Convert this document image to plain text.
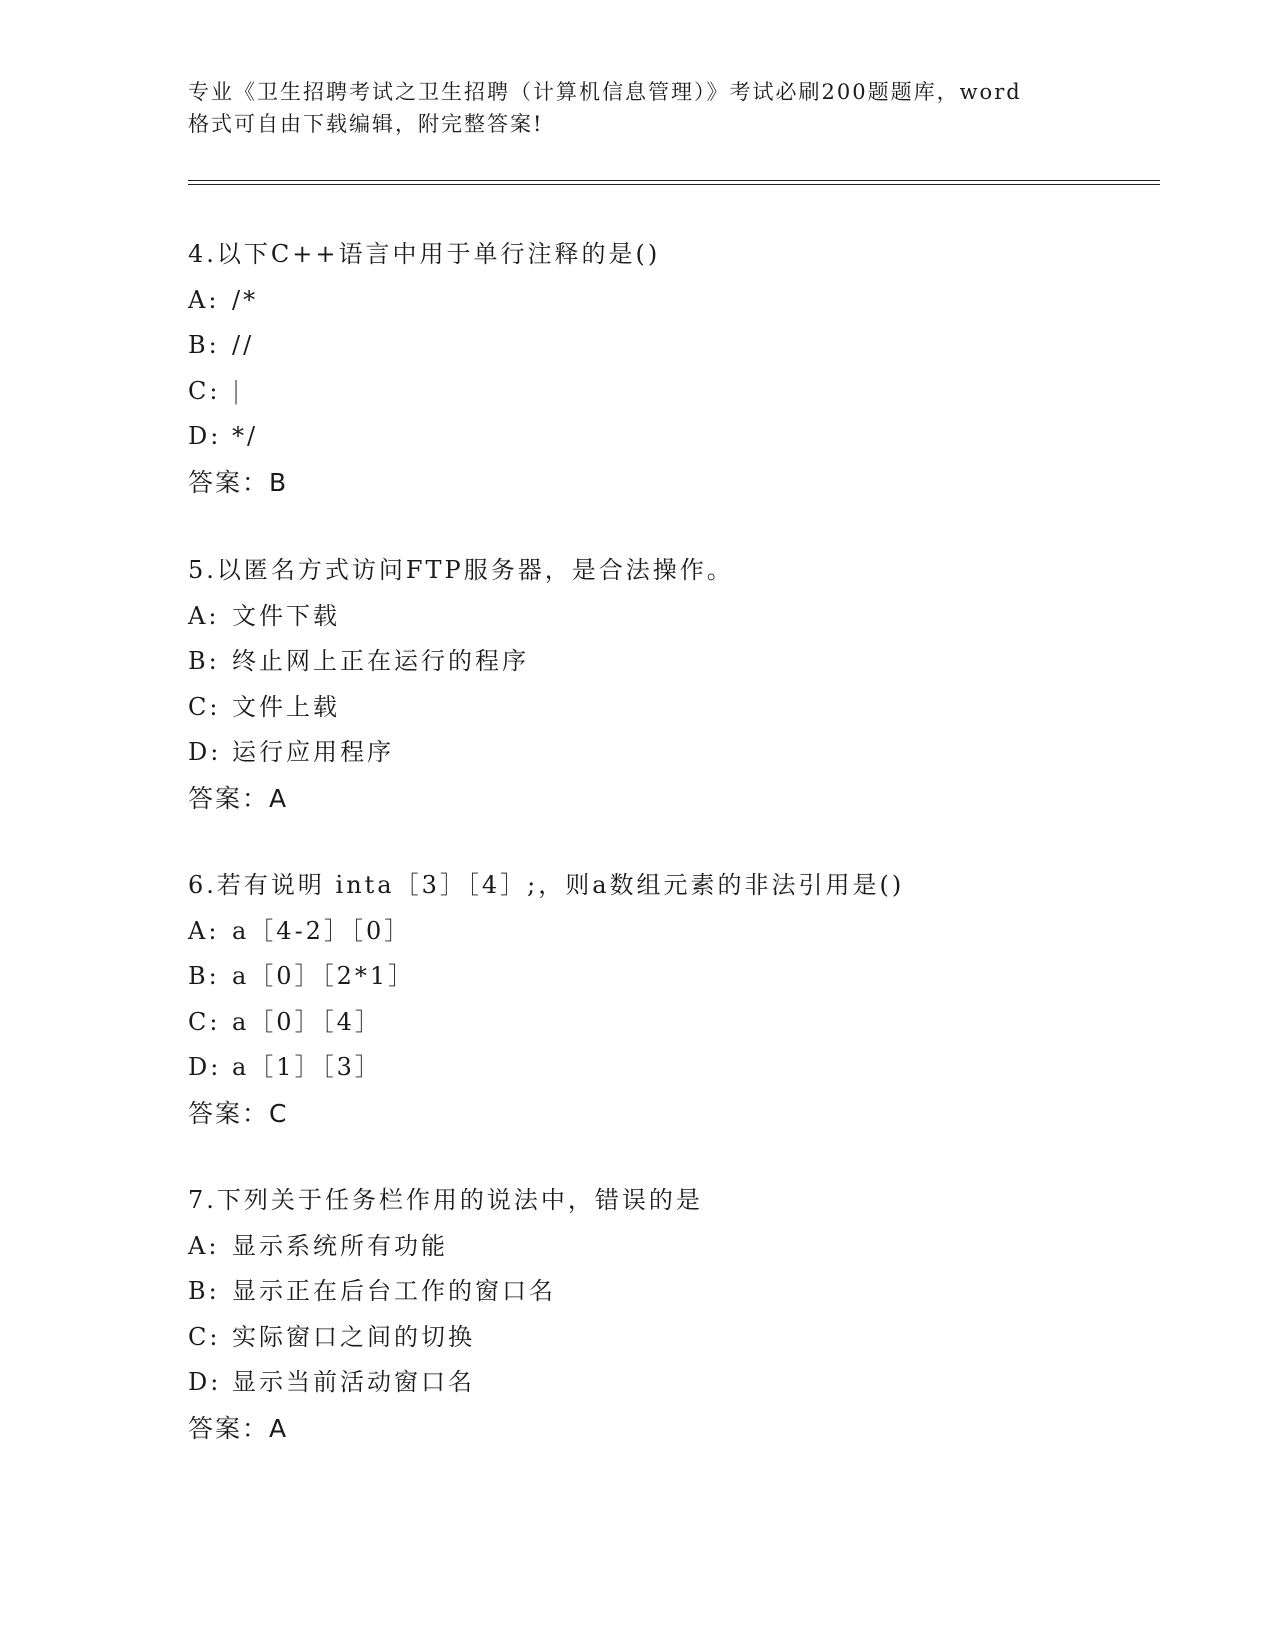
专业《卫生招聘考试之卫生招聘（计算机信息管理）》考试必刷200题题库，word
格式可自由下载编辑，附完整答案!
4.以下C++语言中用于单行注释的是()
A: /*
B: //
C: |
D: */
答案：B
5.以匿名方式访问FTP服务器，是合法操作。
A: 文件下载
B: 终止网上正在运行的程序
C: 文件上载
D: 运行应用程序
答案：A
6.若有说明 inta［3］［4］;，则a数组元素的非法引用是()
A: a［4-2］［0］
B: a［0］［2*1］
C: a［0］［4］
D: a［1］［3］
答案：C
7.下列关于任务栏作用的说法中，错误的是
A: 显示系统所有功能
B: 显示正在后台工作的窗口名
C: 实际窗口之间的切换
D: 显示当前活动窗口名
答案：A
